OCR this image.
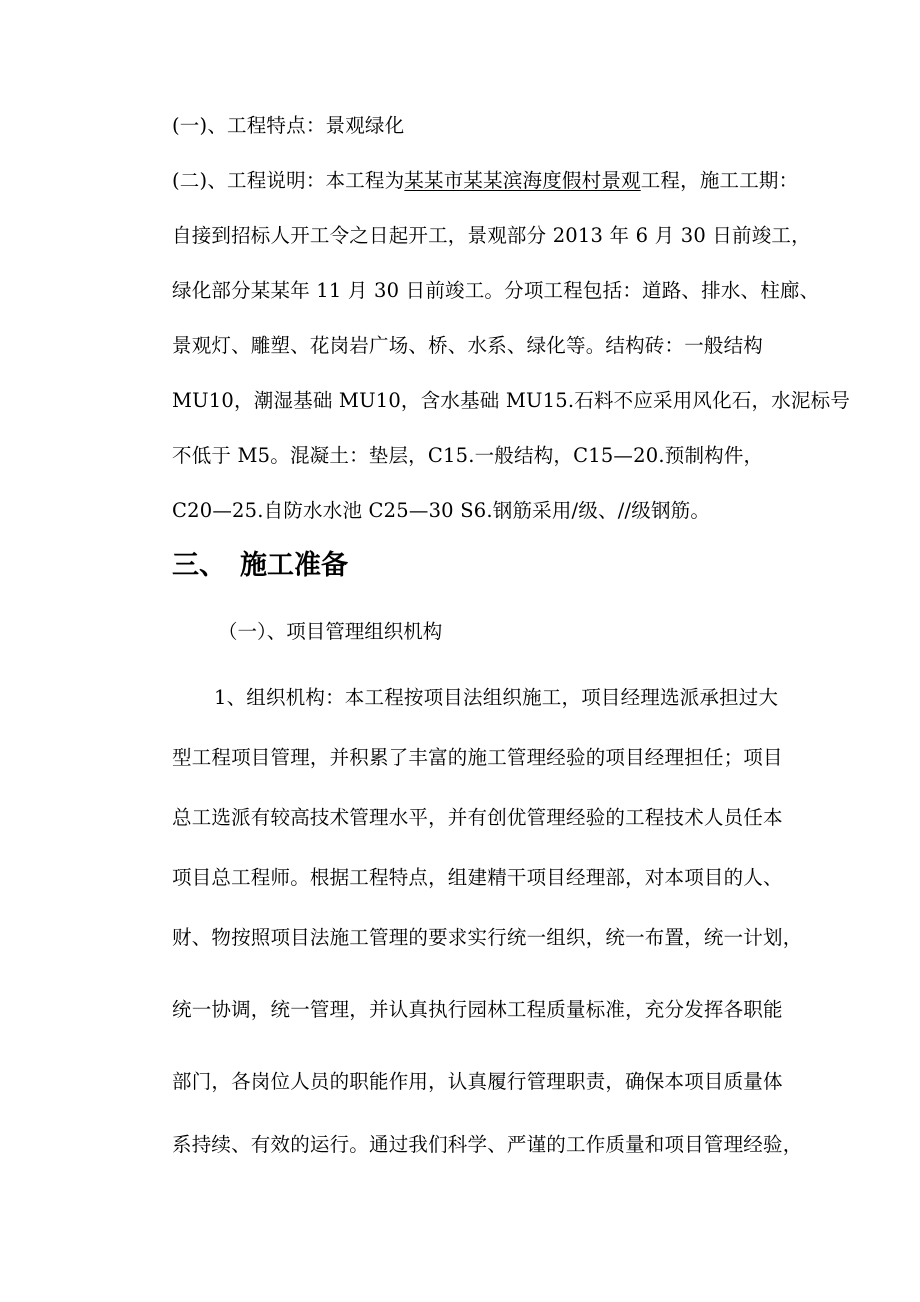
(一)、工程特点：景观绿化
(二)、工程说明：本工程为某某市某某滨海度假村景观工程，施工工期：
自接到招标人开工令之日起开工，景观部分 2013 年 6 月 30 日前竣工，
绿化部分某某年 11 月 30 日前竣工。分项工程包括：道路、排水、柱廊、
景观灯、雕塑、花岗岩广场、桥、水系、绿化等。结构砖：一般结构
MU10，潮湿基础 MU10，含水基础 MU15.石料不应采用风化石，水泥标号
不低于 M5。混凝土：垫层，C15.一般结构，C15—20.预制构件，
C20—25.自防水水池 C25—30 S6.钢筋采用/级、//级钢筋。
三、 施工准备
（一）、项目管理组织机构
1、组织机构：本工程按项目法组织施工，项目经理选派承担过大
型工程项目管理，并积累了丰富的施工管理经验的项目经理担任；项目
总工选派有较高技术管理水平，并有创优管理经验的工程技术人员任本
项目总工程师。根据工程特点，组建精干项目经理部，对本项目的人、
财、物按照项目法施工管理的要求实行统一组织，统一布置，统一计划，
统一协调，统一管理，并认真执行园林工程质量标准，充分发挥各职能
部门，各岗位人员的职能作用，认真履行管理职责，确保本项目质量体
系持续、有效的运行。通过我们科学、严谨的工作质量和项目管理经验，
